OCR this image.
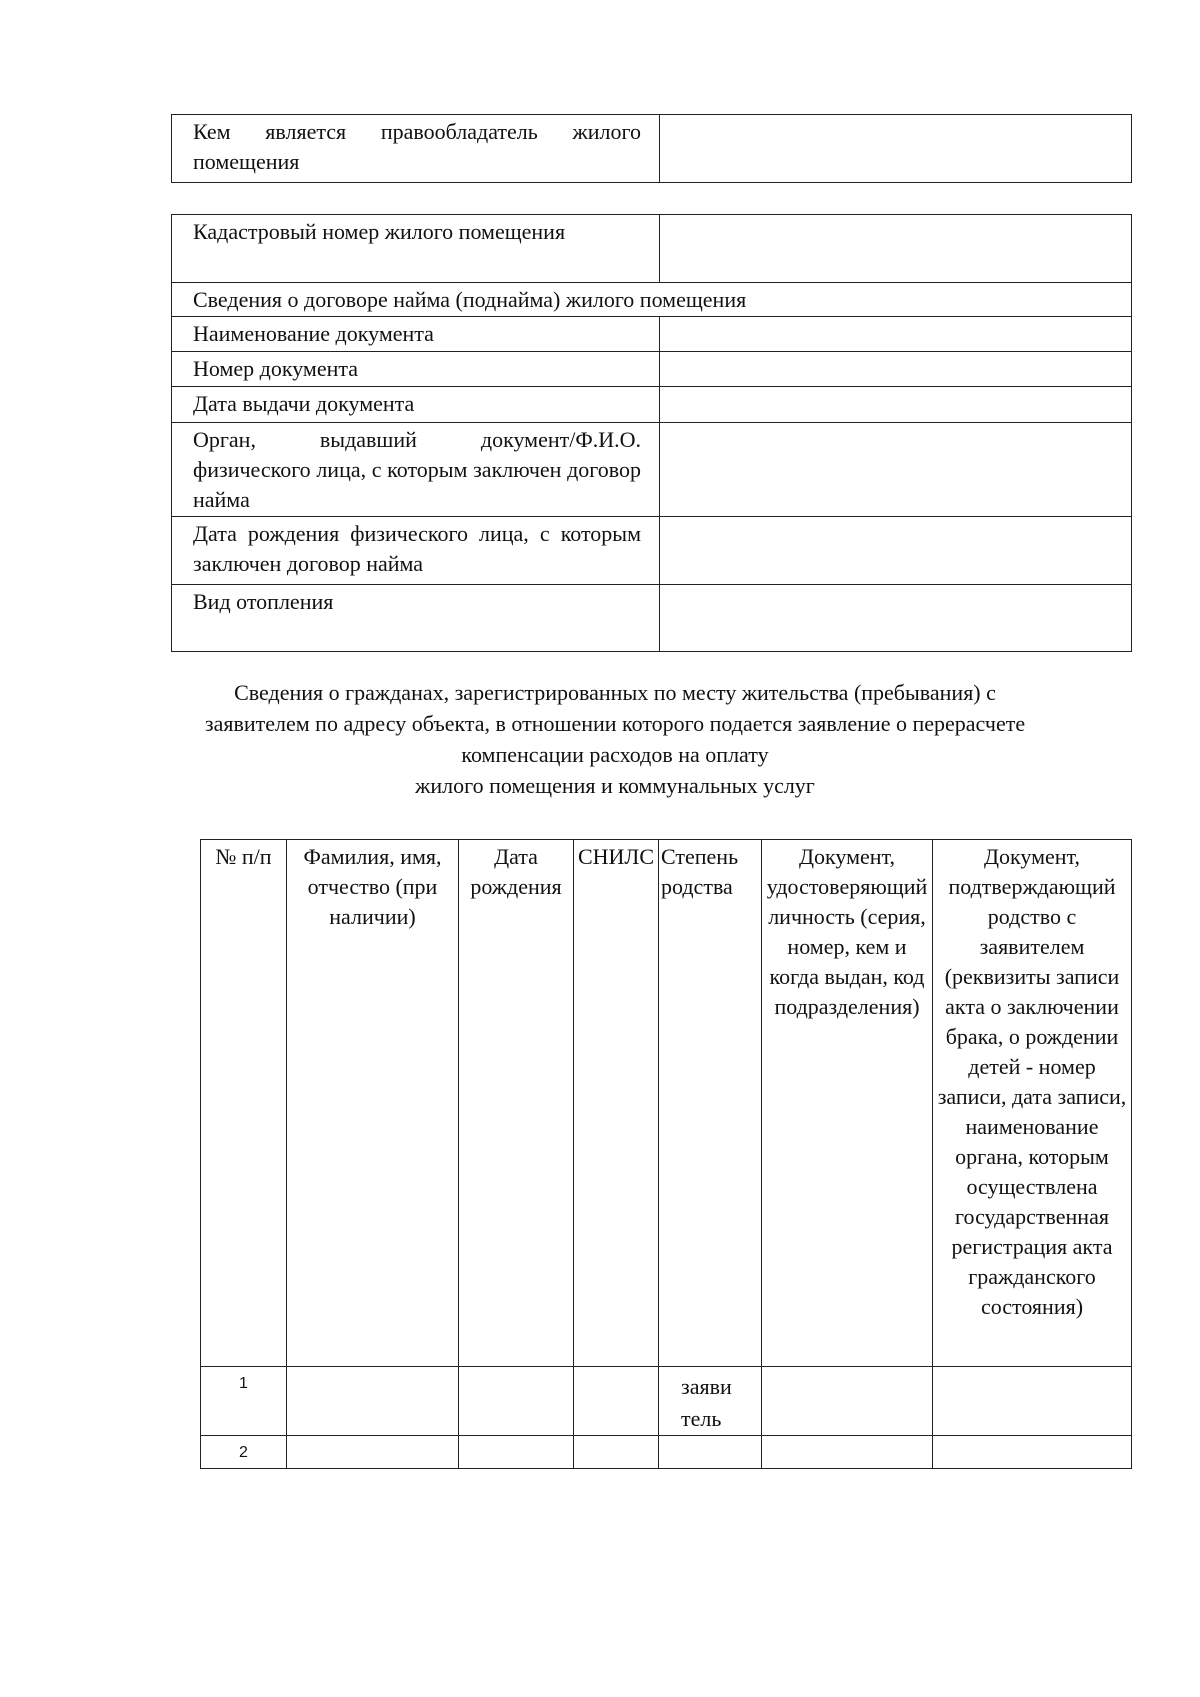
Кем является правообладатель жилого помещения	
Кадастровый номер жилого помещения	
Сведения о договоре найма (поднайма) жилого помещения	
Наименование документа	
Номер документа	
Дата выдачи документа	
Орган, выдавший документ/Ф.И.О. физического лица, с которым заключен договор найма	
Дата рождения физического лица, с которым заключен договор найма	
Вид отопления	
Сведения о гражданах, зарегистрированных по месту жительства (пребывания) с
заявителем по адресу объекта, в отношении которого подается заявление о перерасчете
компенсации расходов на оплату
жилого помещения и коммунальных услуг
№ п/п	Фамилия, имя, отчество (при наличии)	Дата рождения	СНИЛС	Степень родства	Документ, удостоверяющий личность (серия, номер, кем и когда выдан, код подразделения)	Документ, подтверждающий родство с заявителем (реквизиты записи акта о заключении брака, о рождении детей - номер записи, дата записи, наименование органа, которым осуществлена государственная регистрация акта гражданского состояния)
1				заявитель		

2						
